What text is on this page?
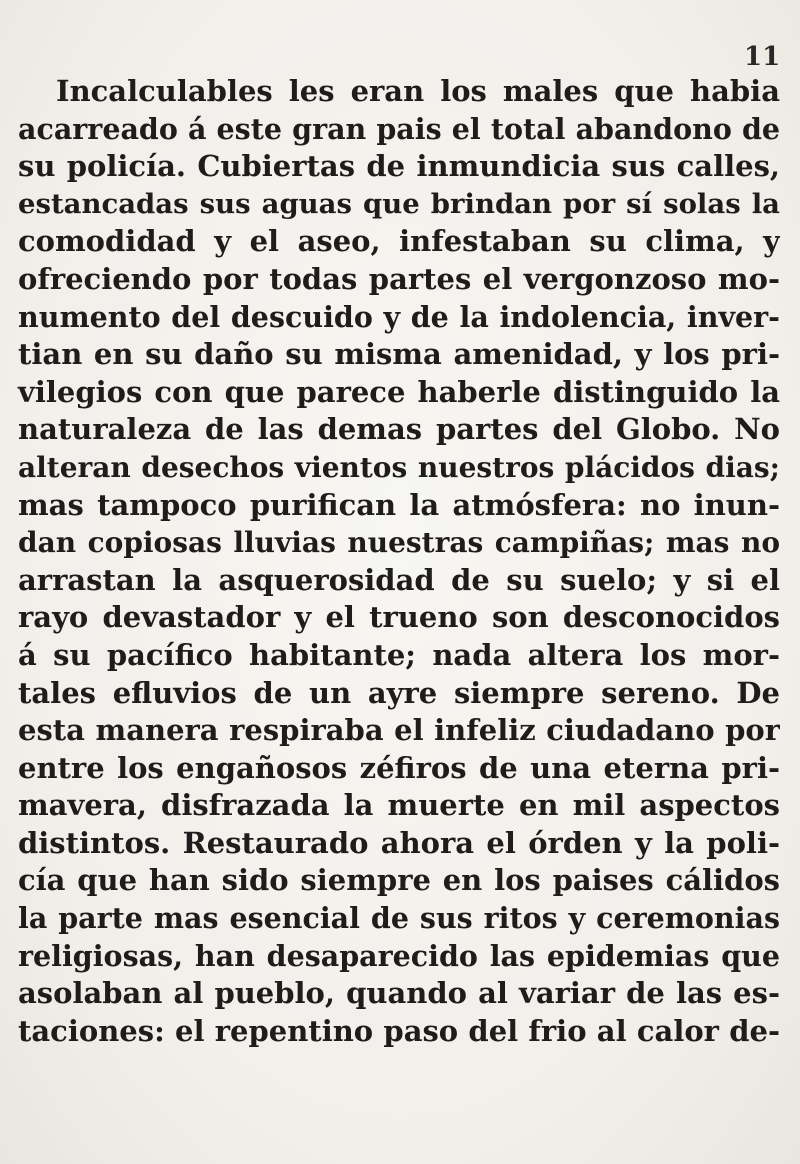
11

Incalculables les eran los males que habia

acarreado á este gran pais el total abandono de

su policía. Cubiertas de inmundicia sus calles,

estancadas sus aguas que brindan por sí solas la

comodidad y el aseo, infestaban su clima, y

ofreciendo por todas partes el vergonzoso mo-

numento del descuido y de la indolencia, inver-

tian en su daño su misma amenidad, y los pri-

vilegios con que parece haberle distinguido la

naturaleza de las demas partes del Globo. No

alteran desechos vientos nuestros plácidos dias;

mas tampoco purifican la atmósfera: no inun-

dan copiosas lluvias nuestras campiñas; mas no

arrastan la asquerosidad de su suelo; y si el

rayo devastador y el trueno son desconocidos

á su pacífico habitante; nada altera los mor-

tales efluvios de un ayre siempre sereno. De

esta manera respiraba el infeliz ciudadano por

entre los engañosos zéfiros de una eterna pri-

mavera, disfrazada la muerte en mil aspectos

distintos. Restaurado ahora el órden y la poli-

cía que han sido siempre en los paises cálidos

la parte mas esencial de sus ritos y ceremonias

religiosas, han desaparecido las epidemias que

asolaban al pueblo, quando al variar de las es-

taciones: el repentino paso del frio al calor de-
